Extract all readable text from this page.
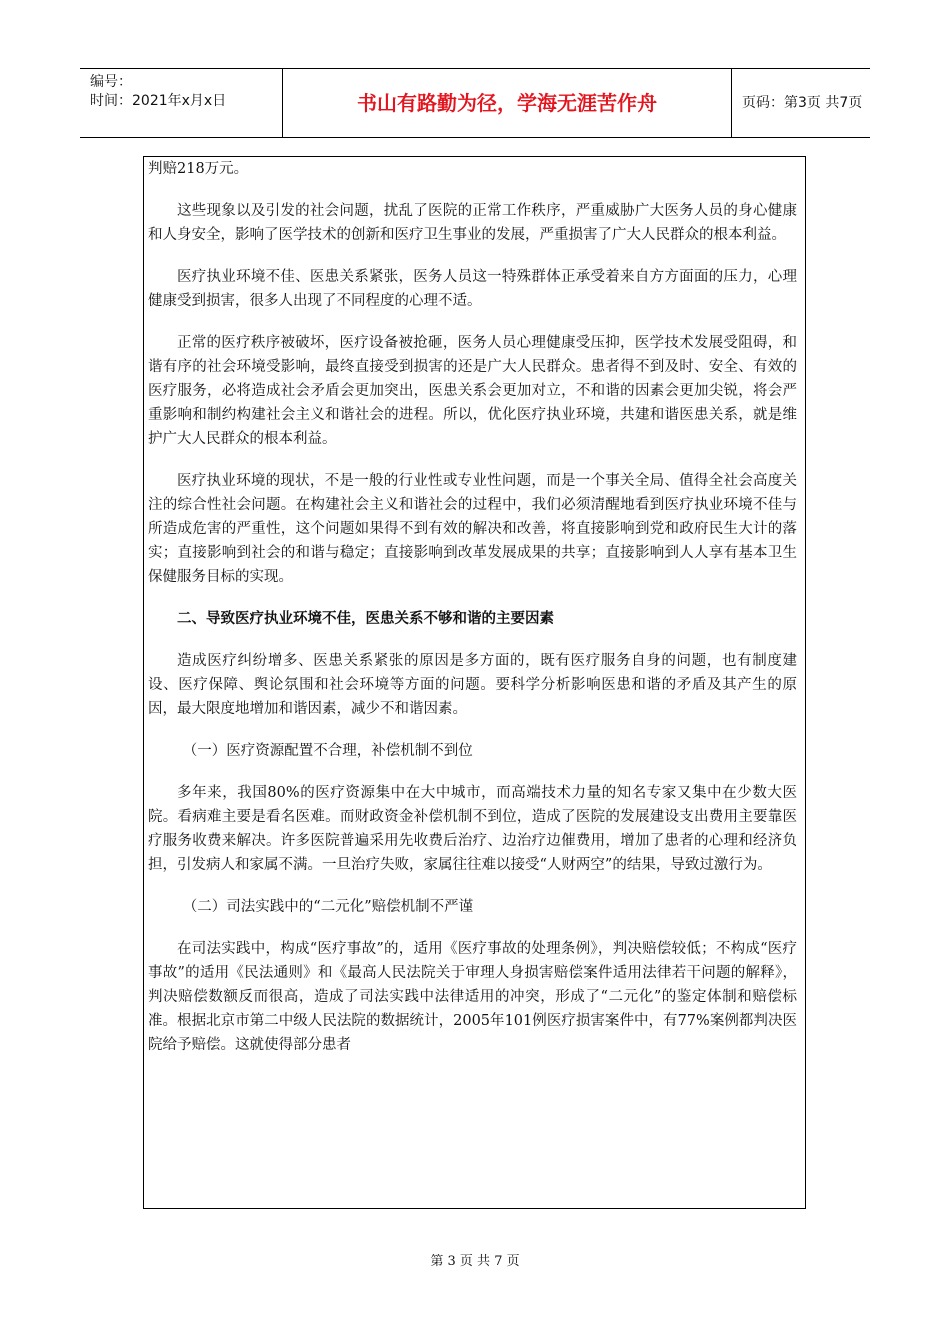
编号：
时间：2021年x月x日	书山有路勤为径，学海无涯苦作舟	页码：第3页 共7页

判赔218万元。

这些现象以及引发的社会问题，扰乱了医院的正常工作秩序，严重威胁广大医务人员的身心健康和人身安全，影响了医学技术的创新和医疗卫生事业的发展，严重损害了广大人民群众的根本利益。

医疗执业环境不佳、医患关系紧张，医务人员这一特殊群体正承受着来自方方面面的压力，心理健康受到损害，很多人出现了不同程度的心理不适。

正常的医疗秩序被破坏，医疗设备被抢砸，医务人员心理健康受压抑，医学技术发展受阻碍，和谐有序的社会环境受影响，最终直接受到损害的还是广大人民群众。患者得不到及时、安全、有效的医疗服务，必将造成社会矛盾会更加突出，医患关系会更加对立，不和谐的因素会更加尖锐，将会严重影响和制约构建社会主义和谐社会的进程。所以，优化医疗执业环境，共建和谐医患关系，就是维护广大人民群众的根本利益。

医疗执业环境的现状，不是一般的行业性或专业性问题，而是一个事关全局、值得全社会高度关注的综合性社会问题。在构建社会主义和谐社会的过程中，我们必须清醒地看到医疗执业环境不佳与所造成危害的严重性，这个问题如果得不到有效的解决和改善，将直接影响到党和政府民生大计的落实；直接影响到社会的和谐与稳定；直接影响到改革发展成果的共享；直接影响到人人享有基本卫生保健服务目标的实现。

二、导致医疗执业环境不佳，医患关系不够和谐的主要因素

造成医疗纠纷增多、医患关系紧张的原因是多方面的，既有医疗服务自身的问题，也有制度建设、医疗保障、舆论氛围和社会环境等方面的问题。要科学分析影响医患和谐的矛盾及其产生的原因，最大限度地增加和谐因素，减少不和谐因素。

（一）医疗资源配置不合理，补偿机制不到位

多年来，我国80%的医疗资源集中在大中城市，而高端技术力量的知名专家又集中在少数大医院。看病难主要是看名医难。而财政资金补偿机制不到位，造成了医院的发展建设支出费用主要靠医疗服务收费来解决。许多医院普遍采用先收费后治疗、边治疗边催费用，增加了患者的心理和经济负担，引发病人和家属不满。一旦治疗失败，家属往往难以接受“人财两空”的结果，导致过激行为。

（二）司法实践中的“二元化”赔偿机制不严谨

在司法实践中，构成“医疗事故”的，适用《医疗事故的处理条例》，判决赔偿较低；不构成“医疗事故”的适用《民法通则》和《最高人民法院关于审理人身损害赔偿案件适用法律若干问题的解释》，判决赔偿数额反而很高，造成了司法实践中法律适用的冲突，形成了“二元化”的鉴定体制和赔偿标准。根据北京市第二中级人民法院的数据统计，2005年101例医疗损害案件中，有77%案例都判决医院给予赔偿。这就使得部分患者

第 3 页 共 7 页
